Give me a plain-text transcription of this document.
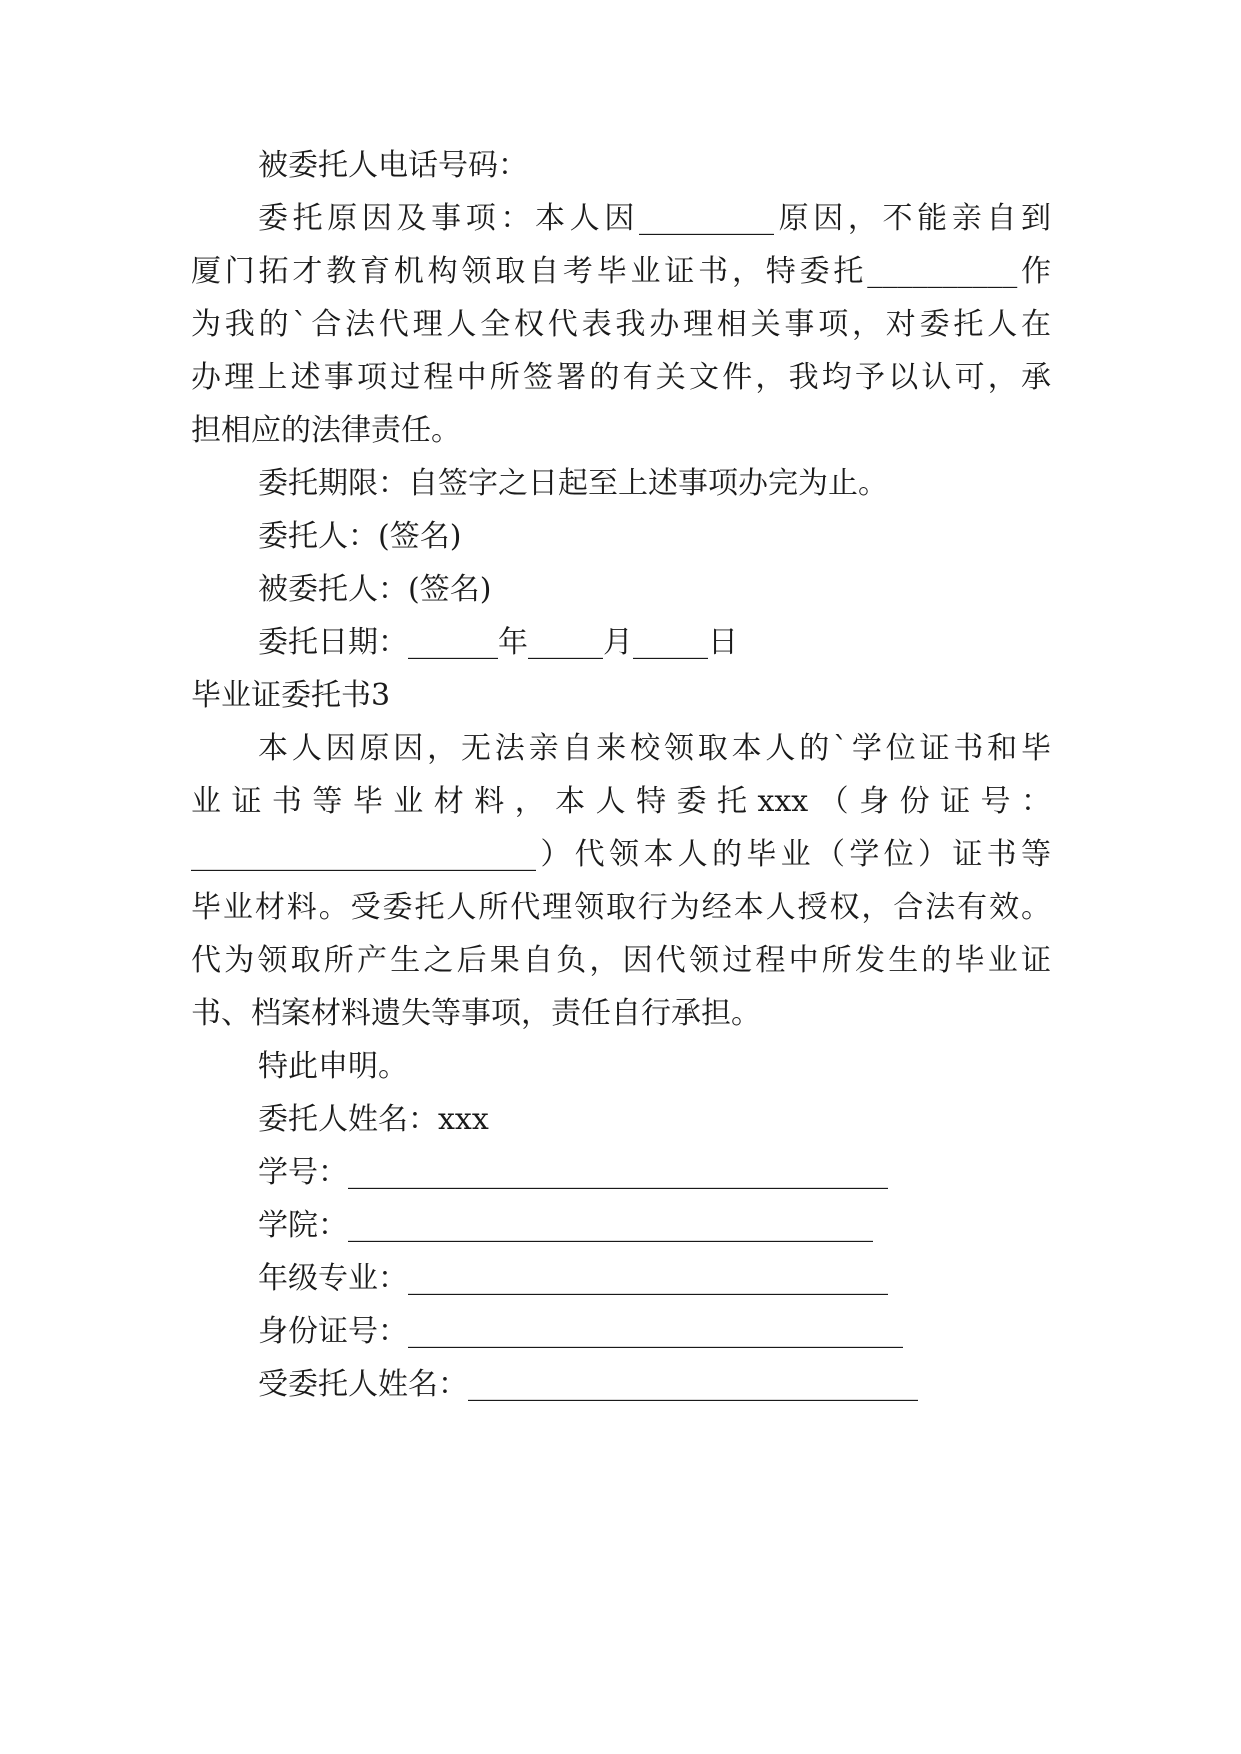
被委托人电话号码：
委托原因及事项：本人因_________原因，不能亲自到
厦门拓才教育机构领取自考毕业证书，特委托__________作
为我的`合法代理人全权代表我办理相关事项，对委托人在
办理上述事项过程中所签署的有关文件，我均予以认可，承
担相应的法律责任。
委托期限：自签字之日起至上述事项办完为止。
委托人：(签名)
被委托人：(签名)
委托日期：______年_____月_____日
毕业证委托书3
本人因原因，无法亲自来校领取本人的`学位证书和毕
业证书等毕业材料，本人特委托xxx（身份证号：
_______________________）代领本人的毕业（学位）证书等
毕业材料。受委托人所代理领取行为经本人授权，合法有效。
代为领取所产生之后果自负，因代领过程中所发生的毕业证
书、档案材料遗失等事项，责任自行承担。
特此申明。
委托人姓名：xxx
学号：____________________________________
学院：___________________________________
年级专业：________________________________
身份证号：_________________________________
受委托人姓名：______________________________
